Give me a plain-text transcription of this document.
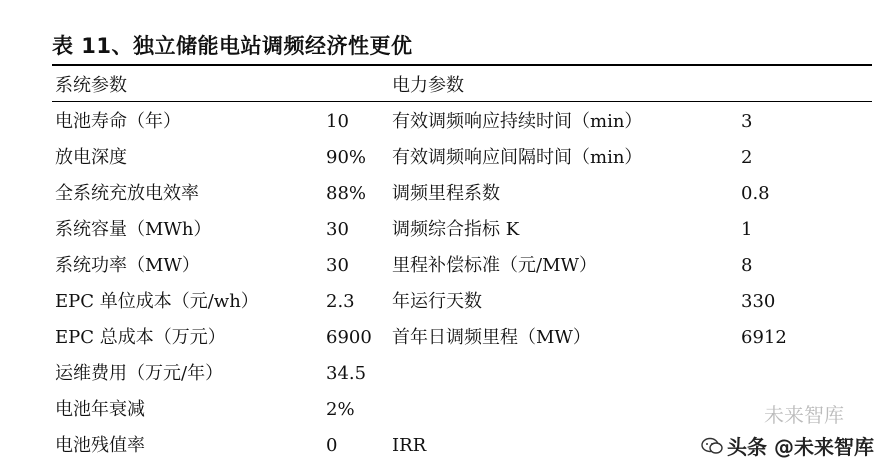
表 11、独立储能电站调频经济性更优
系统参数	电力参数
电池寿命（年）	10 有效调频响应持续时间（min）	3
放电深度	90% 有效调频响应间隔时间（min）	2
全系统充放电效率	88% 调频里程系数	0.8
系统容量（MWh）	30 调频综合指标 K	1
系统功率（MW）	30 里程补偿标准（元/MW）	8
EPC 单位成本（元/wh）	2.3 年运行天数	330
EPC 总成本（万元）	6900 首年日调频里程（MW）	6912
运维费用（万元/年）	34.5
电池年衰减	2%
电池残值率	0	IRR
未来智库
头条 @未来智库
